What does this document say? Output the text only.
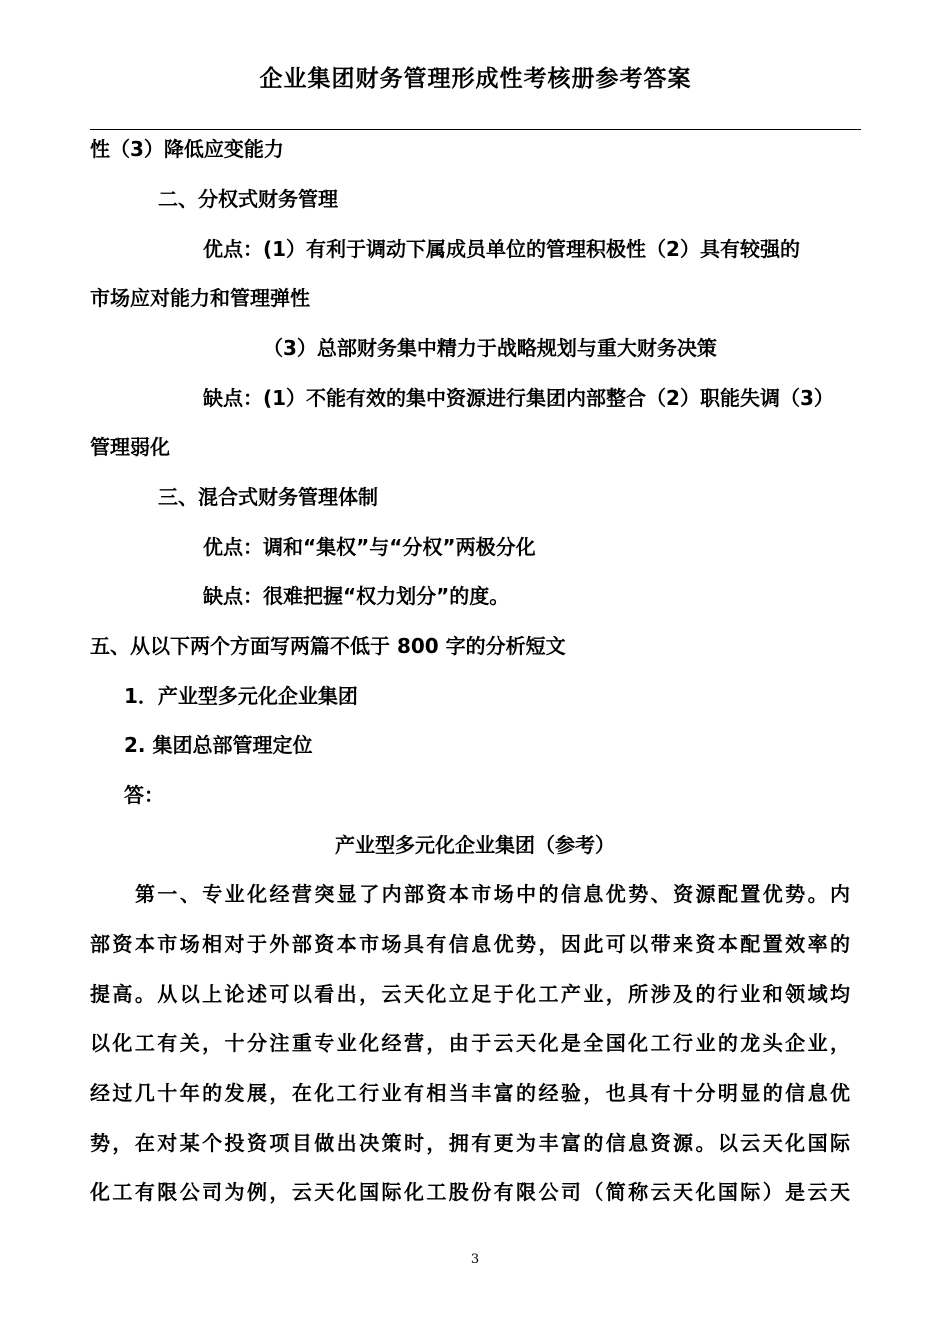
企业集团财务管理形成性考核册参考答案
性（3）降低应变能力
二、分权式财务管理
优点：(1）有利于调动下属成员单位的管理积极性（2）具有较强的
市场应对能力和管理弹性
（3）总部财务集中精力于战略规划与重大财务决策
缺点：(1）不能有效的集中资源进行集团内部整合（2）职能失调（3）
管理弱化
三、混合式财务管理体制
优点：调和“集权”与“分权”两极分化
缺点：很难把握“权力划分”的度。
五、从以下两个方面写两篇不低于 800 字的分析短文
1．产业型多元化企业集团
2. 集团总部管理定位
答：
产业型多元化企业集团（参考）
第一、专业化经营突显了内部资本市场中的信息优势、资源配置优势。内
部资本市场相对于外部资本市场具有信息优势，因此可以带来资本配置效率的
提高。从以上论述可以看出，云天化立足于化工产业，所涉及的行业和领域均
以化工有关，十分注重专业化经营，由于云天化是全国化工行业的龙头企业，
经过几十年的发展，在化工行业有相当丰富的经验，也具有十分明显的信息优
势，在对某个投资项目做出决策时，拥有更为丰富的信息资源。以云天化国际
化工有限公司为例，云天化国际化工股份有限公司（简称云天化国际）是云天
3
